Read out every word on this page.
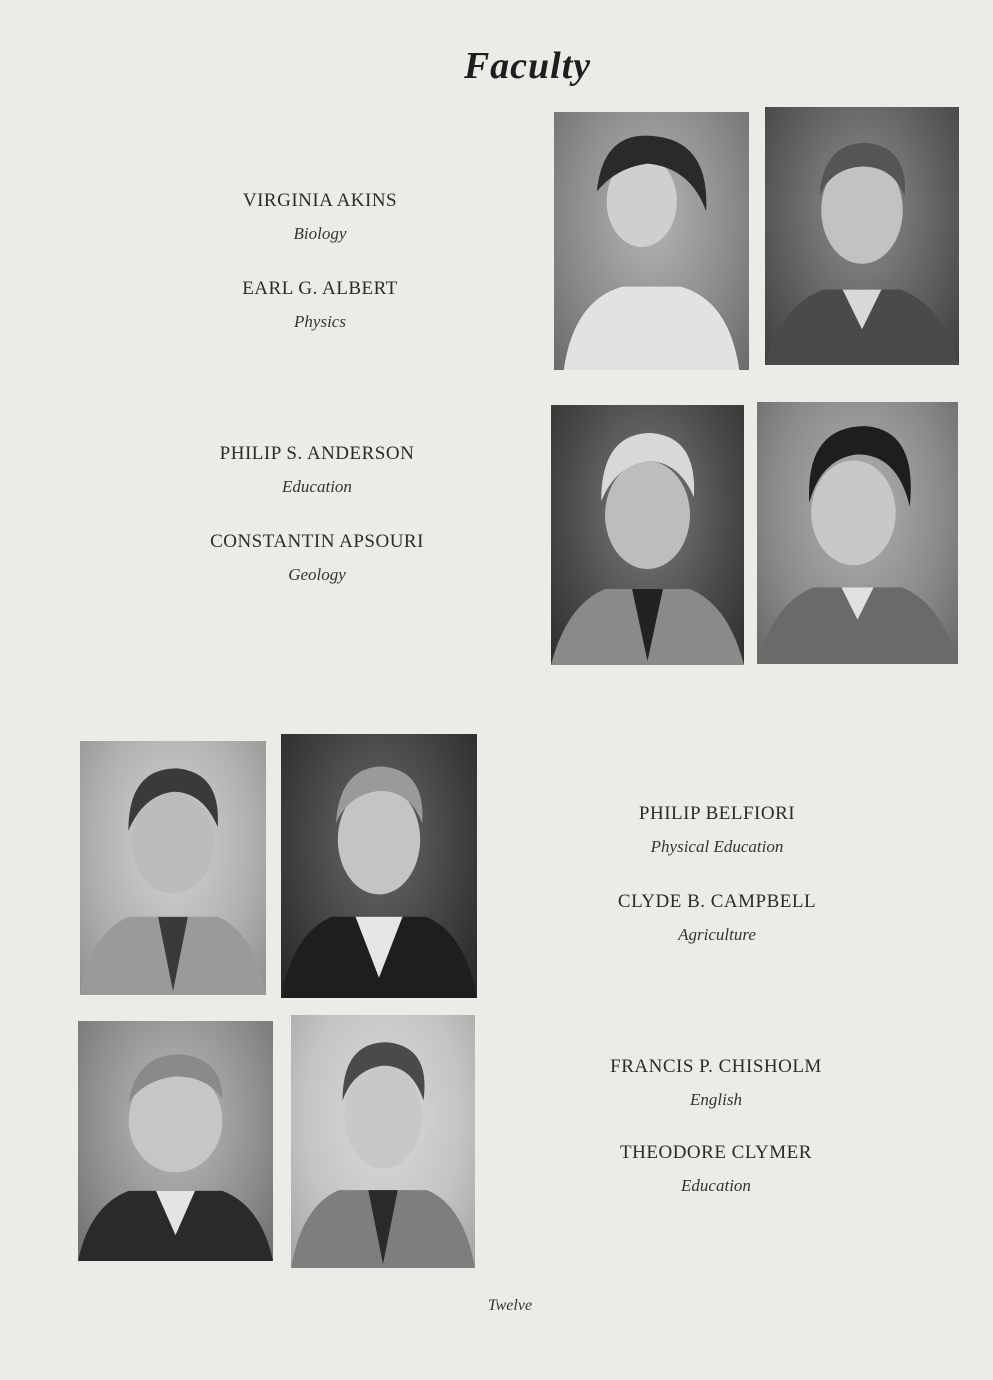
Faculty
VIRGINIA AKINS
Biology
EARL G. ALBERT
Physics
PHILIP S. ANDERSON
Education
CONSTANTIN APSOURI
Geology
PHILIP BELFIORI
Physical Education
CLYDE B. CAMPBELL
Agriculture
FRANCIS P. CHISHOLM
English
THEODORE CLYMER
Education
Twelve
